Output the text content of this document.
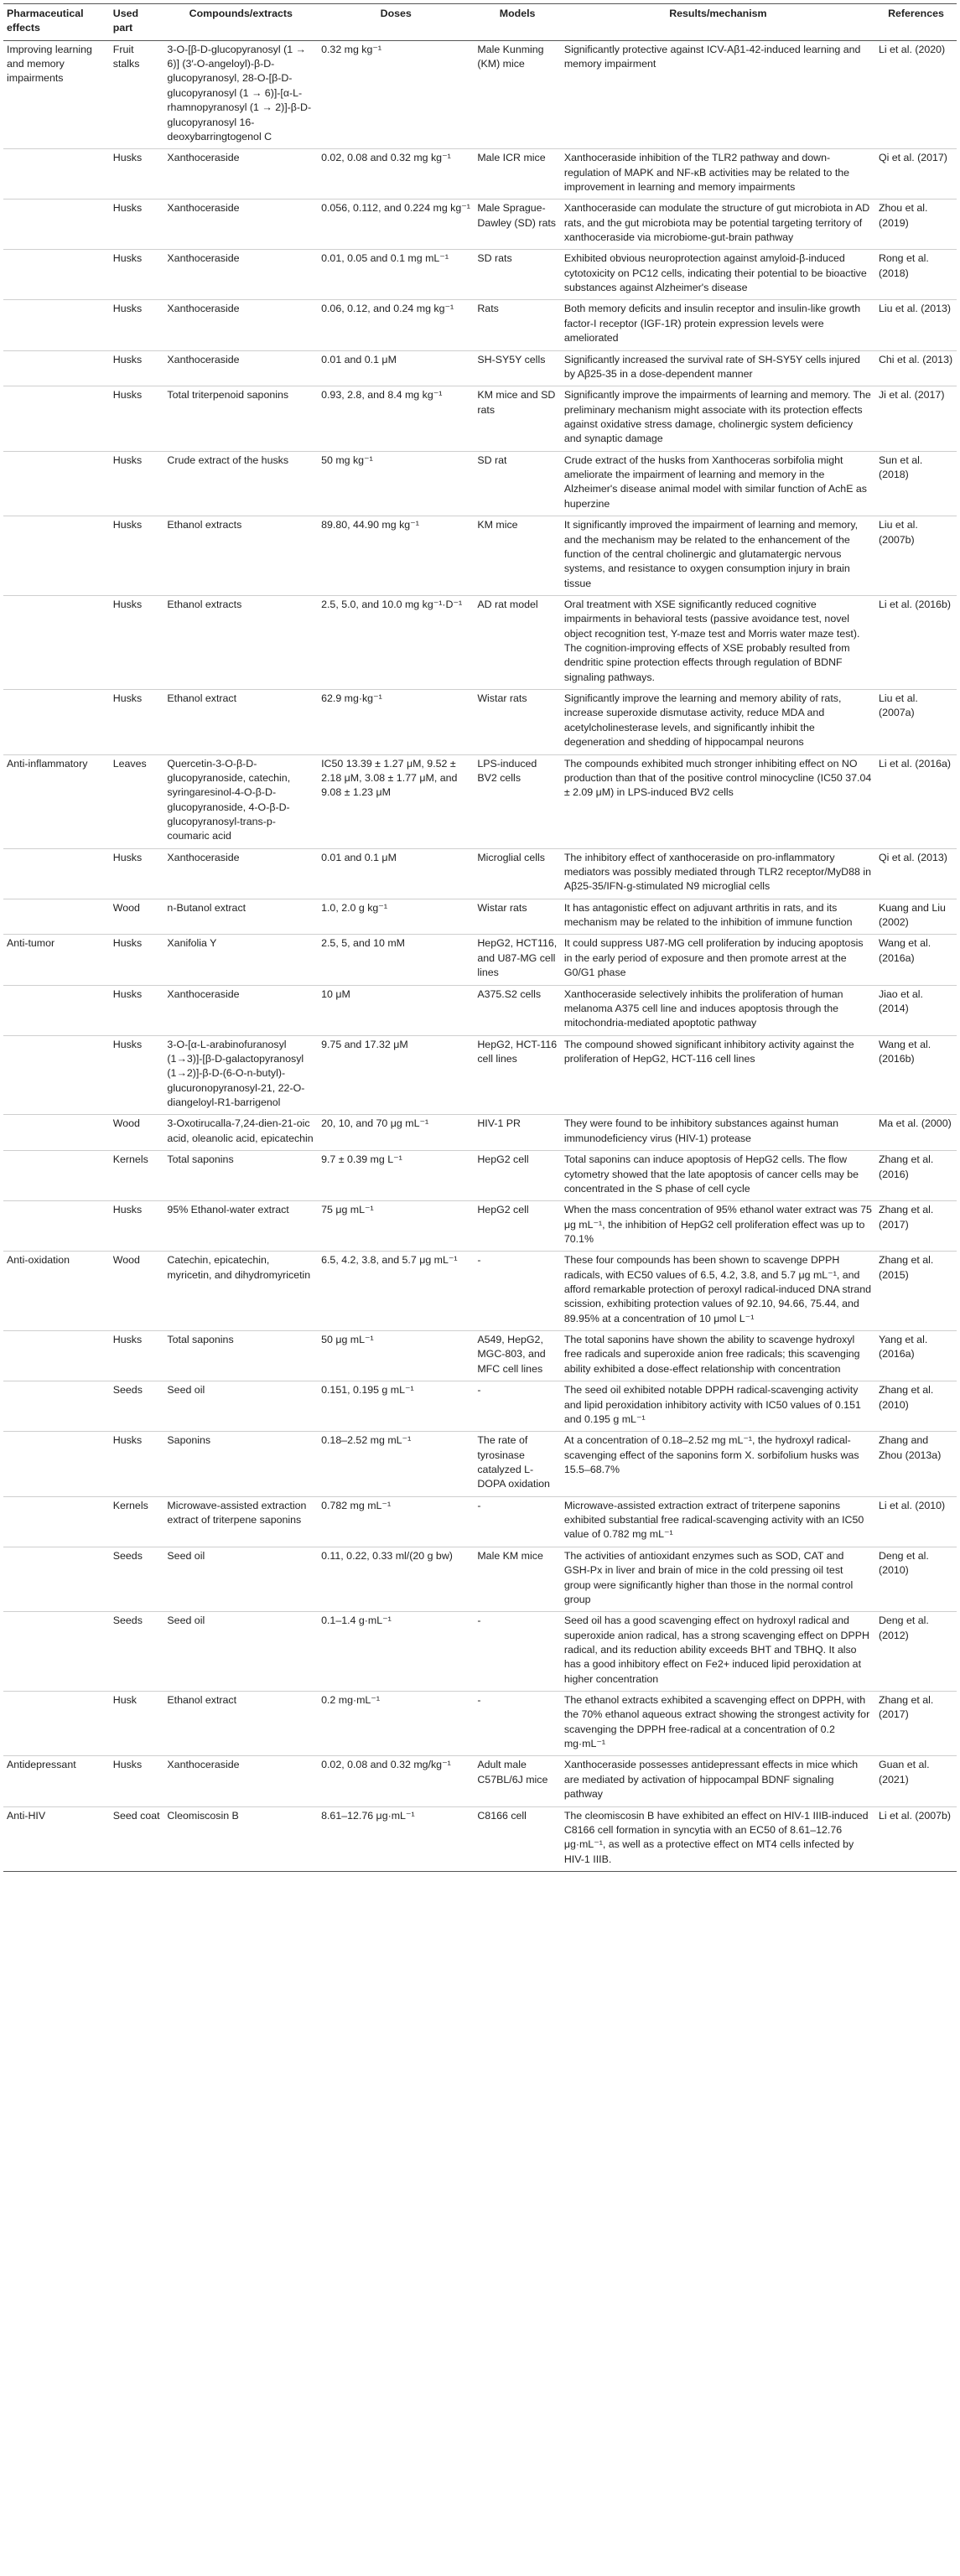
Pharmaceutical effects	Used part	Compounds/extracts	Doses	Models	Results/mechanism	References
Improving learning and memory impairments	Fruit stalks	3-O-[β-D-glucopyranosyl (1 → 6)] (3′-O-angeloyl)-β-D-glucopyranosyl, 28-O-[β-D-glucopyranosyl (1 → 6)]-[α-L-rhamnopyranosyl (1 → 2)]-β-D-glucopyranosyl 16-deoxybarringtogenol C	0.32 mg kg⁻¹	Male Kunming (KM) mice	Significantly protective against ICV-Aβ1-42-induced learning and memory impairment	Li et al. (2020)
	Husks	Xanthoceraside	0.02, 0.08 and 0.32 mg kg⁻¹	Male ICR mice	Xanthoceraside inhibition of the TLR2 pathway and down-regulation of MAPK and NF-κB activities may be related to the improvement in learning and memory impairments	Qi et al. (2017)
	Husks	Xanthoceraside	0.056, 0.112, and 0.224 mg kg⁻¹	Male Sprague-Dawley (SD) rats	Xanthoceraside can modulate the structure of gut microbiota in AD rats, and the gut microbiota may be potential targeting territory of xanthoceraside via microbiome-gut-brain pathway	Zhou et al. (2019)
	Husks	Xanthoceraside	0.01, 0.05 and 0.1 mg mL⁻¹	SD rats	Exhibited obvious neuroprotection against amyloid-β-induced cytotoxicity on PC12 cells, indicating their potential to be bioactive substances against Alzheimer's disease	Rong et al. (2018)
	Husks	Xanthoceraside	0.06, 0.12, and 0.24 mg kg⁻¹	Rats	Both memory deficits and insulin receptor and insulin-like growth factor-I receptor (IGF-1R) protein expression levels were ameliorated	Liu et al. (2013)
	Husks	Xanthoceraside	0.01 and 0.1 μM	SH-SY5Y cells	Significantly increased the survival rate of SH-SY5Y cells injured by Aβ25-35 in a dose-dependent manner	Chi et al. (2013)
	Husks	Total triterpenoid saponins	0.93, 2.8, and 8.4 mg kg⁻¹	KM mice and SD rats	Significantly improve the impairments of learning and memory. The preliminary mechanism might associate with its protection effects against oxidative stress damage, cholinergic system deficiency and synaptic damage	Ji et al. (2017)
	Husks	Crude extract of the husks	50 mg kg⁻¹	SD rat	Crude extract of the husks from Xanthoceras sorbifolia might ameliorate the impairment of learning and memory in the Alzheimer's disease animal model with similar function of AchE as huperzine	Sun et al. (2018)
	Husks	Ethanol extracts	89.80, 44.90 mg kg⁻¹	KM mice	It significantly improved the impairment of learning and memory, and the mechanism may be related to the enhancement of the function of the central cholinergic and glutamatergic nervous systems, and resistance to oxygen consumption injury in brain tissue	Liu et al. (2007b)
	Husks	Ethanol extracts	2.5, 5.0, and 10.0 mg kg⁻¹·D⁻¹	AD rat model	Oral treatment with XSE significantly reduced cognitive impairments in behavioral tests (passive avoidance test, novel object recognition test, Y-maze test and Morris water maze test). The cognition-improving effects of XSE probably resulted from dendritic spine protection effects through regulation of BDNF signaling pathways.	Li et al. (2016b)
	Husks	Ethanol extract	62.9 mg·kg⁻¹	Wistar rats	Significantly improve the learning and memory ability of rats, increase superoxide dismutase activity, reduce MDA and acetylcholinesterase levels, and significantly inhibit the degeneration and shedding of hippocampal neurons	Liu et al. (2007a)
Anti-inflammatory	Leaves	Quercetin-3-O-β-D-glucopyranoside, catechin, syringaresinol-4-O-β-D-glucopyranoside, 4-O-β-D-glucopyranosyl-trans-p-coumaric acid	IC50 13.39 ± 1.27 μM, 9.52 ± 2.18 μM, 3.08 ± 1.77 μM, and 9.08 ± 1.23 μM	LPS-induced BV2 cells	The compounds exhibited much stronger inhibiting effect on NO production than that of the positive control minocycline (IC50 37.04 ± 2.09 μM) in LPS-induced BV2 cells	Li et al. (2016a)
	Husks	Xanthoceraside	0.01 and 0.1 μM	Microglial cells	The inhibitory effect of xanthoceraside on pro-inflammatory mediators was possibly mediated through TLR2 receptor/MyD88 in Aβ25-35/IFN-g-stimulated N9 microglial cells	Qi et al. (2013)
	Wood	n-Butanol extract	1.0, 2.0 g kg⁻¹	Wistar rats	It has antagonistic effect on adjuvant arthritis in rats, and its mechanism may be related to the inhibition of immune function	Kuang and Liu (2002)
Anti-tumor	Husks	Xanifolia Y	2.5, 5, and 10 mM	HepG2, HCT116, and U87-MG cell lines	It could suppress U87-MG cell proliferation by inducing apoptosis in the early period of exposure and then promote arrest at the G0/G1 phase	Wang et al. (2016a)
	Husks	Xanthoceraside	10 μM	A375.S2 cells	Xanthoceraside selectively inhibits the proliferation of human melanoma A375 cell line and induces apoptosis through the mitochondria-mediated apoptotic pathway	Jiao et al. (2014)
	Husks	3-O-[α-L-arabinofuranosyl (1→3)]-[β-D-galactopyranosyl (1→2)]-β-D-(6-O-n-butyl)-glucuronopyranosyl-21, 22-O-diangeloyl-R1-barrigenol	9.75 and 17.32 μM	HepG2, HCT-116 cell lines	The compound showed significant inhibitory activity against the proliferation of HepG2, HCT-116 cell lines	Wang et al. (2016b)
	Wood	3-Oxotirucalla-7,24-dien-21-oic acid, oleanolic acid, epicatechin	20, 10, and 70 μg mL⁻¹	HIV-1 PR	They were found to be inhibitory substances against human immunodeficiency virus (HIV-1) protease	Ma et al. (2000)
	Kernels	Total saponins	9.7 ± 0.39 mg L⁻¹	HepG2 cell	Total saponins can induce apoptosis of HepG2 cells. The flow cytometry showed that the late apoptosis of cancer cells may be concentrated in the S phase of cell cycle	Zhang et al. (2016)
	Husks	95% Ethanol-water extract	75 μg mL⁻¹	HepG2 cell	When the mass concentration of 95% ethanol water extract was 75 μg mL⁻¹, the inhibition of HepG2 cell proliferation effect was up to 70.1%	Zhang et al. (2017)
Anti-oxidation	Wood	Catechin, epicatechin, myricetin, and dihydromyricetin	6.5, 4.2, 3.8, and 5.7 μg mL⁻¹	-	These four compounds has been shown to scavenge DPPH radicals, with EC50 values of 6.5, 4.2, 3.8, and 5.7 μg mL⁻¹, and afford remarkable protection of peroxyl radical-induced DNA strand scission, exhibiting protection values of 92.10, 94.66, 75.44, and 89.95% at a concentration of 10 μmol L⁻¹	Zhang et al. (2015)
	Husks	Total saponins	50 μg mL⁻¹	A549, HepG2, MGC-803, and MFC cell lines	The total saponins have shown the ability to scavenge hydroxyl free radicals and superoxide anion free radicals; this scavenging ability exhibited a dose-effect relationship with concentration	Yang et al. (2016a)
	Seeds	Seed oil	0.151, 0.195 g mL⁻¹	-	The seed oil exhibited notable DPPH radical-scavenging activity and lipid peroxidation inhibitory activity with IC50 values of 0.151 and 0.195 g mL⁻¹	Zhang et al. (2010)
	Husks	Saponins	0.18–2.52 mg mL⁻¹	The rate of tyrosinase catalyzed L-DOPA oxidation	At a concentration of 0.18–2.52 mg mL⁻¹, the hydroxyl radical-scavenging effect of the saponins form X. sorbifolium husks was 15.5–68.7%	Zhang and Zhou (2013a)
	Kernels	Microwave-assisted extraction extract of triterpene saponins	0.782 mg mL⁻¹	-	Microwave-assisted extraction extract of triterpene saponins exhibited substantial free radical-scavenging activity with an IC50 value of 0.782 mg mL⁻¹	Li et al. (2010)
	Seeds	Seed oil	0.11, 0.22, 0.33 ml/(20 g bw)	Male KM mice	The activities of antioxidant enzymes such as SOD, CAT and GSH-Px in liver and brain of mice in the cold pressing oil test group were significantly higher than those in the normal control group	Deng et al. (2010)
	Seeds	Seed oil	0.1–1.4 g·mL⁻¹	-	Seed oil has a good scavenging effect on hydroxyl radical and superoxide anion radical, has a strong scavenging effect on DPPH radical, and its reduction ability exceeds BHT and TBHQ. It also has a good inhibitory effect on Fe2+ induced lipid peroxidation at higher concentration	Deng et al. (2012)
	Husk	Ethanol extract	0.2 mg·mL⁻¹	-	The ethanol extracts exhibited a scavenging effect on DPPH, with the 70% ethanol aqueous extract showing the strongest activity for scavenging the DPPH free-radical at a concentration of 0.2 mg·mL⁻¹	Zhang et al. (2017)
Antidepressant	Husks	Xanthoceraside	0.02, 0.08 and 0.32 mg/kg⁻¹	Adult male C57BL/6J mice	Xanthoceraside possesses antidepressant effects in mice which are mediated by activation of hippocampal BDNF signaling pathway	Guan et al. (2021)
Anti-HIV	Seed coat	Cleomiscosin B	8.61–12.76 μg·mL⁻¹	C8166 cell	The cleomiscosin B have exhibited an effect on HIV-1 IIIB-induced C8166 cell formation in syncytia with an EC50 of 8.61–12.76 μg·mL⁻¹, as well as a protective effect on MT4 cells infected by HIV-1 IIIB.	Li et al. (2007b)
